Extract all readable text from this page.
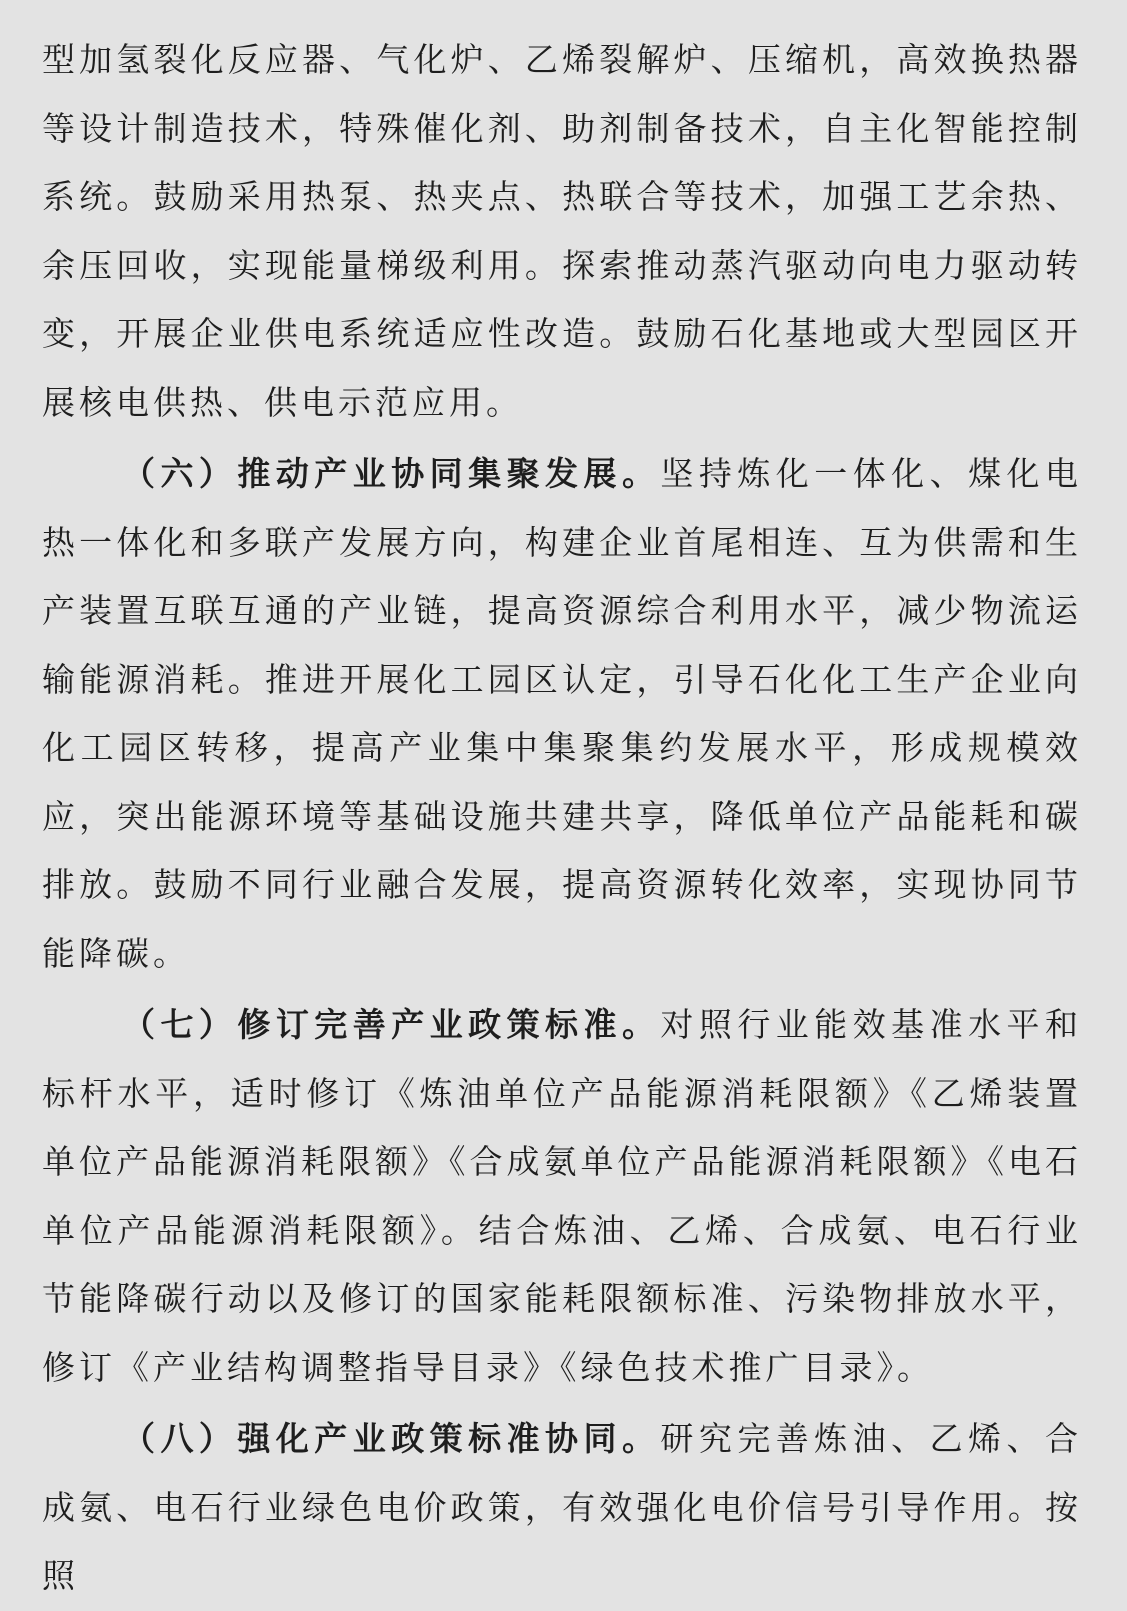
型加氢裂化反应器、气化炉、乙烯裂解炉、压缩机，高效换热器等设计制造技术，特殊催化剂、助剂制备技术，自主化智能控制系统。鼓励采用热泵、热夹点、热联合等技术，加强工艺余热、余压回收，实现能量梯级利用。探索推动蒸汽驱动向电力驱动转变，开展企业供电系统适应性改造。鼓励石化基地或大型园区开展核电供热、供电示范应用。

（六）推动产业协同集聚发展。坚持炼化一体化、煤化电热一体化和多联产发展方向，构建企业首尾相连、互为供需和生产装置互联互通的产业链，提高资源综合利用水平，减少物流运输能源消耗。推进开展化工园区认定，引导石化化工生产企业向化工园区转移，提高产业集中集聚集约发展水平，形成规模效应，突出能源环境等基础设施共建共享，降低单位产品能耗和碳排放。鼓励不同行业融合发展，提高资源转化效率，实现协同节能降碳。

（七）修订完善产业政策标准。对照行业能效基准水平和标杆水平，适时修订《炼油单位产品能源消耗限额》《乙烯装置单位产品能源消耗限额》《合成氨单位产品能源消耗限额》《电石单位产品能源消耗限额》。结合炼油、乙烯、合成氨、电石行业节能降碳行动以及修订的国家能耗限额标准、污染物排放水平，修订《产业结构调整指导目录》《绿色技术推广目录》。

（八）强化产业政策标准协同。研究完善炼油、乙烯、合成氨、电石行业绿色电价政策，有效强化电价信号引导作用。按照
